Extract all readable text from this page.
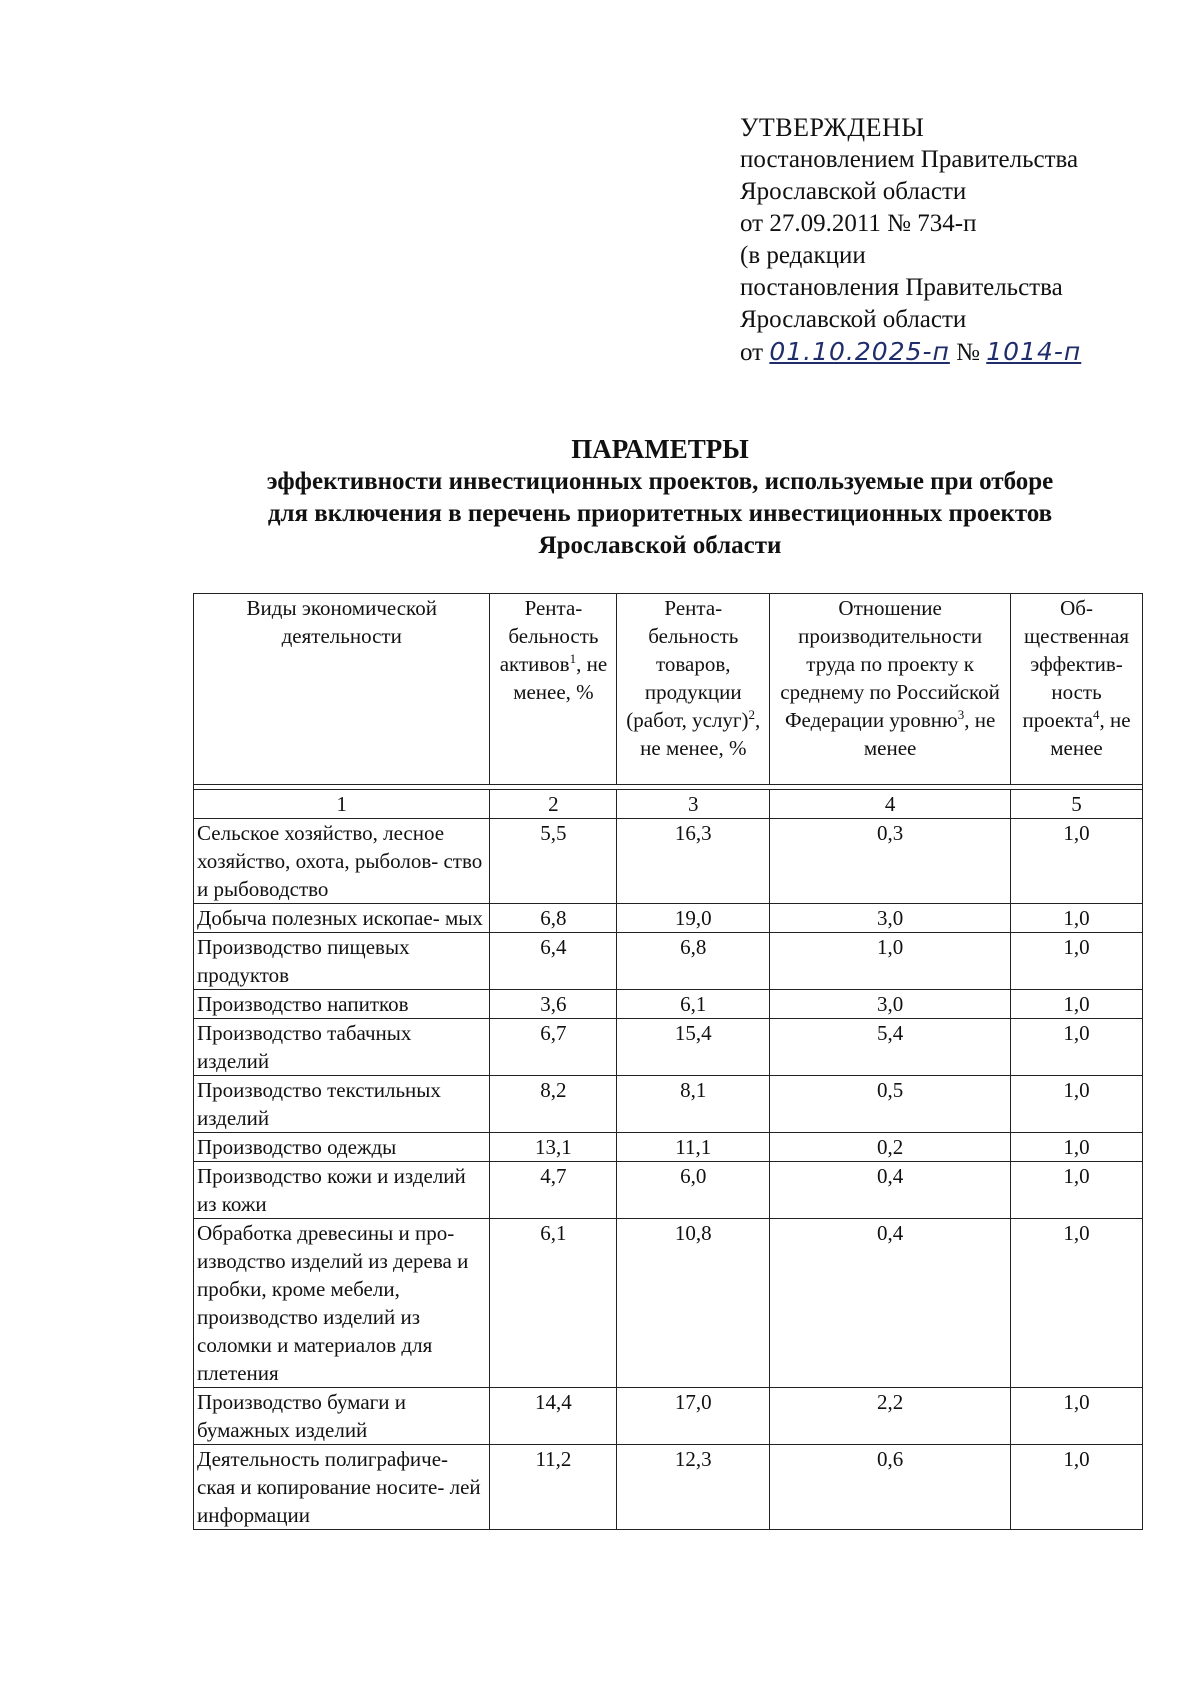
УТВЕРЖДЕНЫ
постановлением Правительства
Ярославской области
от 27.09.2011 № 734-п
(в редакции
постановления Правительства
Ярославской области
от 01.10.2025-п № 1014-п
ПАРАМЕТРЫ
эффективности инвестиционных проектов, используемые при отборе
для включения в перечень приоритетных инвестиционных проектов
Ярославской области
Виды экономической деятельности	Рента- бельность активов$^1$, не менее, %	Рента- бельность товаров, продукции (работ, услуг)$^2$, не менее, %	Отношение производительности труда по проекту к среднему по Российской Федерации уровню$^3$, не менее	Об- щественная эффектив- ность проекта$^4$, не менее

1	2	3	4	5
Сельское хозяйство, лесное хозяйство, охота, рыболов- ство и рыбоводство	5,5	16,3	0,3	1,0
Добыча полезных ископае- мых	6,8	19,0	3,0	1,0
Производство пищевых продуктов	6,4	6,8	1,0	1,0
Производство напитков	3,6	6,1	3,0	1,0
Производство табачных изделий	6,7	15,4	5,4	1,0
Производство текстильных изделий	8,2	8,1	0,5	1,0
Производство одежды	13,1	11,1	0,2	1,0
Производство кожи и изделий из кожи	4,7	6,0	0,4	1,0
Обработка древесины и про- изводство изделий из дерева и пробки, кроме мебели, производство изделий из соломки и материалов для плетения	6,1	10,8	0,4	1,0
Производство бумаги и бумажных изделий	14,4	17,0	2,2	1,0
Деятельность полиграфиче- ская и копирование носите- лей информации	11,2	12,3	0,6	1,0
